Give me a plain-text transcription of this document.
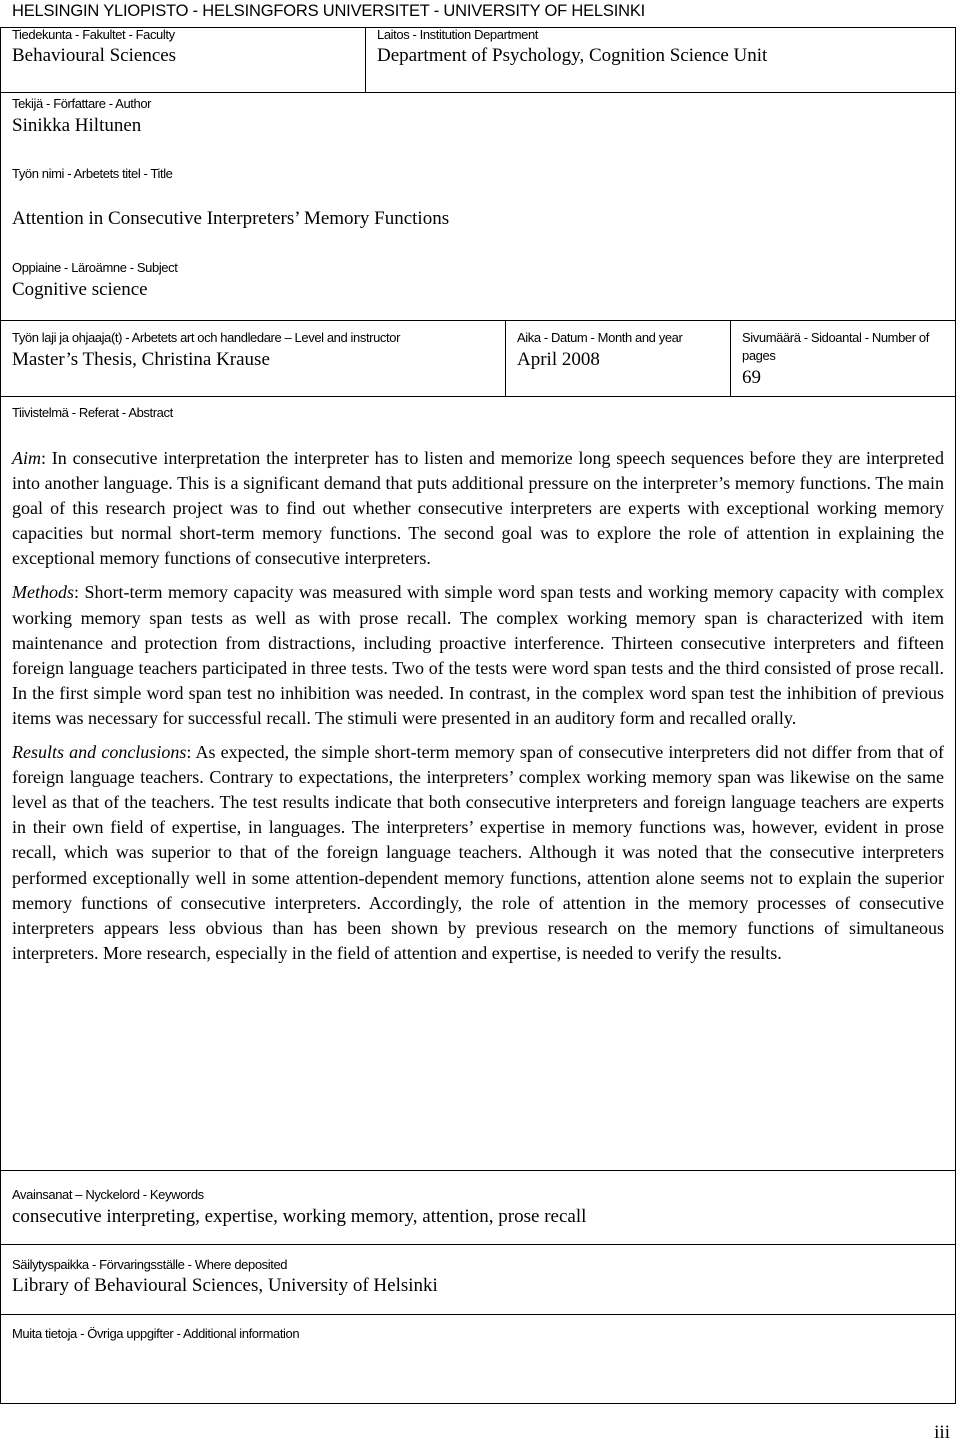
HELSINGIN YLIOPISTO - HELSINGFORS UNIVERSITET - UNIVERSITY OF HELSINKI
Tiedekunta - Fakultet - Faculty
Behavioural Sciences
Laitos - Institution Department
Department of Psychology, Cognition Science Unit
Tekijä - Författare - Author
Sinikka Hiltunen
Työn nimi - Arbetets titel - Title
Attention in Consecutive Interpreters’ Memory Functions
Oppiaine - Läroämne - Subject
Cognitive science
Työn laji ja ohjaaja(t) - Arbetets art och handledare – Level and instructor
Master’s Thesis, Christina Krause
Aika - Datum - Month and year
April 2008
Sivumäärä - Sidoantal - Number of
pages
69
Tiivistelmä - Referat - Abstract

Aim: In consecutive interpretation the interpreter has to listen and memorize long speech sequences before they are interpreted into another language. This is a significant demand that puts additional pressure on the interpreter’s memory functions. The main goal of this research project was to find out whether consecutive interpreters are experts with exceptional working memory capacities but normal short-term memory functions. The second goal was to explore the role of attention in explaining the exceptional memory functions of consecutive interpreters.

Methods: Short-term memory capacity was measured with simple word span tests and working memory capacity with complex working memory span tests as well as with prose recall. The complex working memory span is characterized with item maintenance and protection from distractions, including proactive interference. Thirteen consecutive interpreters and fifteen foreign language teachers participated in three tests. Two of the tests were word span tests and the third consisted of prose recall. In the first simple word span test no inhibition was needed. In contrast, in the complex word span test the inhibition of previous items was necessary for successful recall. The stimuli were presented in an auditory form and recalled orally.

Results and conclusions: As expected, the simple short-term memory span of consecutive interpreters did not differ from that of foreign language teachers. Contrary to expectations, the interpreters’ complex working memory span was likewise on the same level as that of the teachers. The test results indicate that both consecutive interpreters and foreign language teachers are experts in their own field of expertise, in languages. The interpreters’ expertise in memory functions was, however, evident in prose recall, which was superior to that of the foreign language teachers. Although it was noted that the consecutive interpreters performed exceptionally well in some attention-dependent memory functions, attention alone seems not to explain the superior memory functions of consecutive interpreters. Accordingly, the role of attention in the memory processes of consecutive interpreters appears less obvious than has been shown by previous research on the memory functions of simultaneous interpreters. More research, especially in the field of attention and expertise, is needed to verify the results.

Avainsanat – Nyckelord - Keywords
consecutive interpreting, expertise, working memory, attention, prose recall
Säilytyspaikka - Förvaringsställe - Where deposited
Library of Behavioural Sciences, University of Helsinki
Muita tietoja - Övriga uppgifter - Additional information
iii
